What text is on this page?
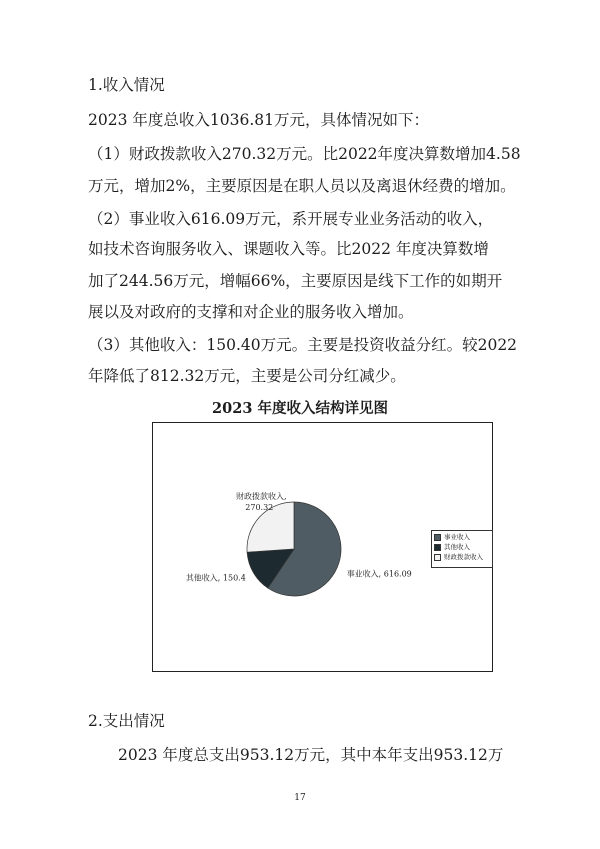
1.收入情况
2023 年度总收入1036.81万元，具体情况如下：
（1）财政拨款收入270.32万元。比2022年度决算数增加4.58
万元，增加2%，主要原因是在职人员以及离退休经费的增加。
（2）事业收入616.09万元，系开展专业业务活动的收入，
如技术咨询服务收入、课题收入等。比2022 年度决算数增
加了244.56万元，增幅66%，主要原因是线下工作的如期开
展以及对政府的支撑和对企业的服务收入增加。
（3）其他收入：150.40万元。主要是投资收益分红。较2022
年降低了812.32万元，主要是公司分红减少。
2023 年度收入结构详见图
事业收入, 616.09
其他收入, 150.4
财政拨款收入,
270.32
事业收入
其他收入
财政拨款收入
2.支出情况
2023 年度总支出953.12万元，其中本年支出953.12万
17
